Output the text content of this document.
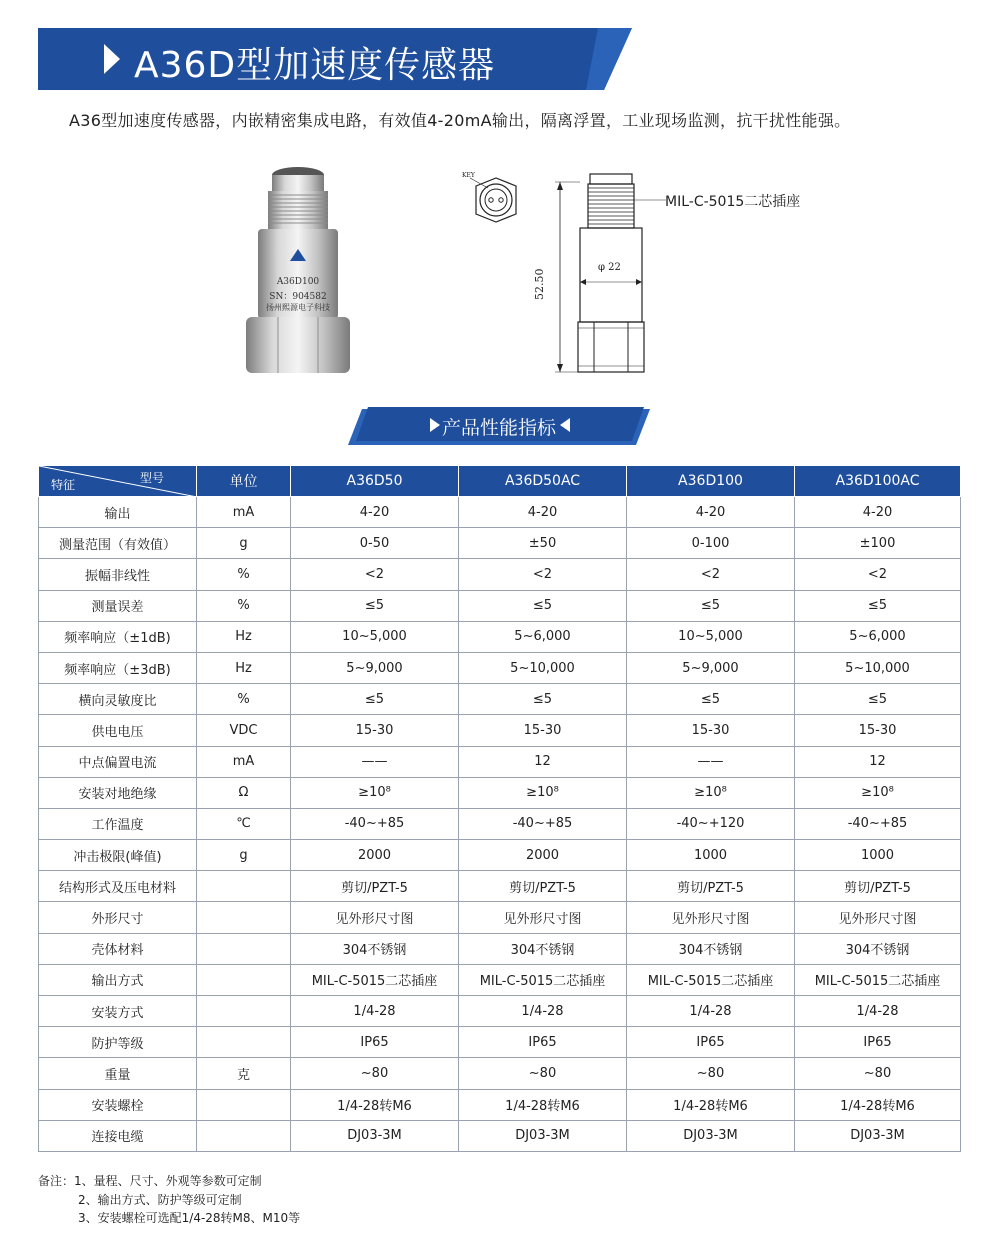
A36D型加速度传感器
A36型加速度传感器，内嵌精密集成电路，有效值4-20mA输出，隔离浮置，工业现场监测，抗干扰性能强。
A36D100
SN：904582
扬州熙源电子科技
KEY
MIL-C-5015二芯插座
52.50
φ 22
产品性能指标
型号
特征	单位	A36D50	A36D50AC	A36D100	A36D100AC
输出	mA	4-20	4-20	4-20	4-20
测量范围（有效值）	g	0-50	±50	0-100	±100
振幅非线性	%	<2	<2	<2	<2
测量误差	%	≤5	≤5	≤5	≤5
频率响应（±1dB)	Hz	10~5,000	5~6,000	10~5,000	5~6,000
频率响应（±3dB)	Hz	5~9,000	5~10,000	5~9,000	5~10,000
横向灵敏度比	%	≤5	≤5	≤5	≤5
供电电压	VDC	15-30	15-30	15-30	15-30
中点偏置电流	mA	——	12	——	12
安装对地绝缘	Ω	≥10⁸	≥10⁸	≥10⁸	≥10⁸
工作温度	℃	-40~+85	-40~+85	-40~+120	-40~+85
冲击极限(峰值)	g	2000	2000	1000	1000
结构形式及压电材料		剪切/PZT-5	剪切/PZT-5	剪切/PZT-5	剪切/PZT-5
外形尺寸		见外形尺寸图	见外形尺寸图	见外形尺寸图	见外形尺寸图
壳体材料		304不锈钢	304不锈钢	304不锈钢	304不锈钢
输出方式		MIL-C-5015二芯插座	MIL-C-5015二芯插座	MIL-C-5015二芯插座	MIL-C-5015二芯插座
安装方式		1/4-28	1/4-28	1/4-28	1/4-28
防护等级		IP65	IP65	IP65	IP65
重量	克	~80	~80	~80	~80
安装螺栓		1/4-28转M6	1/4-28转M6	1/4-28转M6	1/4-28转M6
连接电缆		DJ03-3M	DJ03-3M	DJ03-3M	DJ03-3M
备注：1、量程、尺寸、外观等参数可定制
2、输出方式、防护等级可定制
3、安装螺栓可选配1/4-28转M8、M10等
